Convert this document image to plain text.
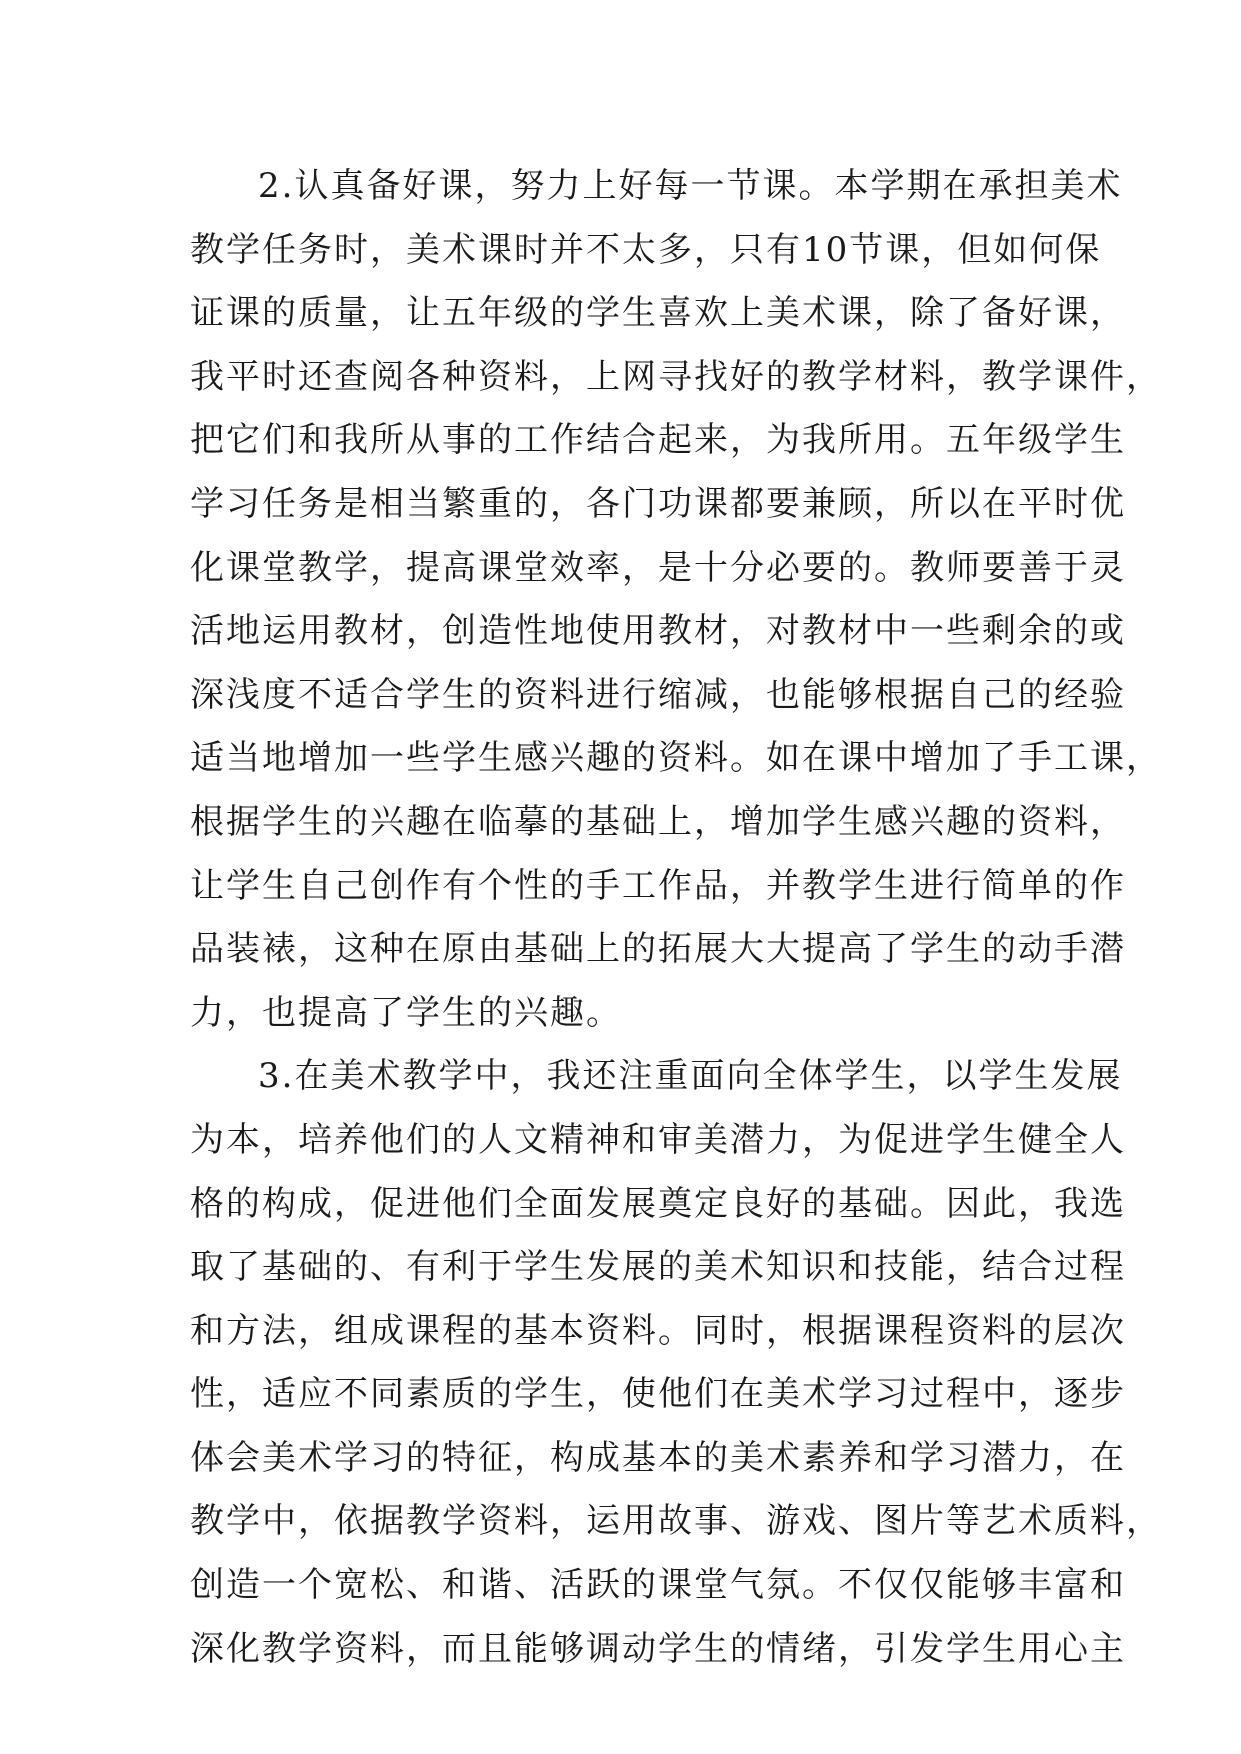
2.认真备好课，努力上好每一节课。本学期在承担美术
教学任务时，美术课时并不太多，只有10节课，但如何保
证课的质量，让五年级的学生喜欢上美术课，除了备好课，
我平时还查阅各种资料，上网寻找好的教学材料，教学课件，
把它们和我所从事的工作结合起来，为我所用。五年级学生
学习任务是相当繁重的，各门功课都要兼顾，所以在平时优
化课堂教学，提高课堂效率，是十分必要的。教师要善于灵
活地运用教材，创造性地使用教材，对教材中一些剩余的或
深浅度不适合学生的资料进行缩减，也能够根据自己的经验
适当地增加一些学生感兴趣的资料。如在课中增加了手工课，
根据学生的兴趣在临摹的基础上，增加学生感兴趣的资料，
让学生自己创作有个性的手工作品，并教学生进行简单的作
品装裱，这种在原由基础上的拓展大大提高了学生的动手潜
力，也提高了学生的兴趣。
3.在美术教学中，我还注重面向全体学生，以学生发展
为本，培养他们的人文精神和审美潜力，为促进学生健全人
格的构成，促进他们全面发展奠定良好的基础。因此，我选
取了基础的、有利于学生发展的美术知识和技能，结合过程
和方法，组成课程的基本资料。同时，根据课程资料的层次
性，适应不同素质的学生，使他们在美术学习过程中，逐步
体会美术学习的特征，构成基本的美术素养和学习潜力，在
教学中，依据教学资料，运用故事、游戏、图片等艺术质料，
创造一个宽松、和谐、活跃的课堂气氛。不仅仅能够丰富和
深化教学资料，而且能够调动学生的情绪，引发学生用心主
